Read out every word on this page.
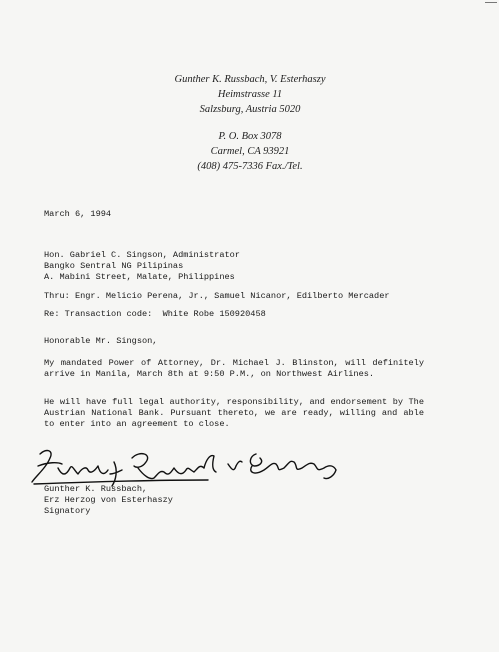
Gunther K. Russbach, V. Esterhaszy
Heimstrasse 11
Salzsburg, Austria 5020
P. O. Box 3078
Carmel, CA 93921
(408) 475-7336 Fax./Tel.
March 6, 1994
Hon. Gabriel C. Singson, Administrator
Bangko Sentral NG Pilipinas
A. Mabini Street, Malate, Philippines
Thru: Engr. Melicio Perena, Jr., Samuel Nicanor, Edilberto Mercader
Re: Transaction code:  White Robe 150920458
Honorable Mr. Singson,
My mandated Power of Attorney, Dr. Michael J. Blinston, will definitely arrive in Manila, March 8th at 9:50 P.M., on Northwest Airlines.
He will have full legal authority, responsibility, and endorsement by The Austrian National Bank. Pursuant thereto, we are ready, willing and able to enter into an agreement to close.
Gunther K. Russbach,
Erz Herzog von Esterhaszy
Signatory
